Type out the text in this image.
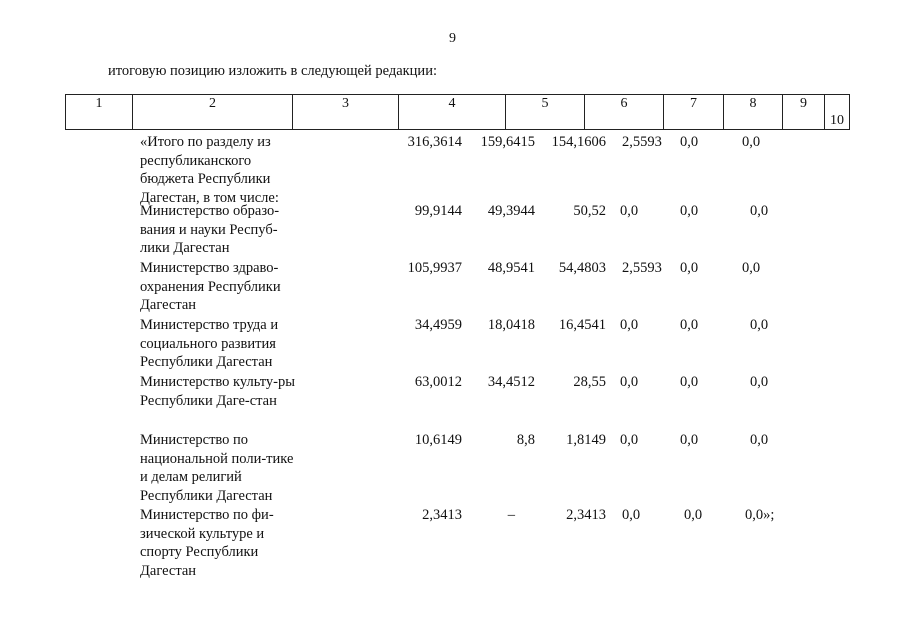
9
итоговую позицию изложить в следующей редакции:
1	2	3	4	5	6	7	8	9	10
«Итого по разделу из республиканского бюджета Республики Дагестан, в том числе:
316,3614	159,6415	154,1606 2,5593 0,0	0,0
Министерство образо-вания и науки Респуб-лики Дагестан
99,9144	49,3944	50,52 0,0	0,0	0,0
Министерство здраво-охранения Республики Дагестан
105,9937	48,9541	54,4803 2,5593 0,0	0,0
Министерство труда и социального развития Республики Дагестан
34,4959	18,0418	16,4541 0,0	0,0	0,0
Министерство культу-ры Республики Даге-стан
63,0012	34,4512	28,55 0,0	0,0	0,0
Министерство по национальной поли-тике и делам религий Республики Дагестан
10,6149	8,8	1,8149 0,0	0,0	0,0
Министерство по фи-зической культуре и спорту Республики Дагестан
2,3413	–	2,3413 0,0	0,0	0,0»;
